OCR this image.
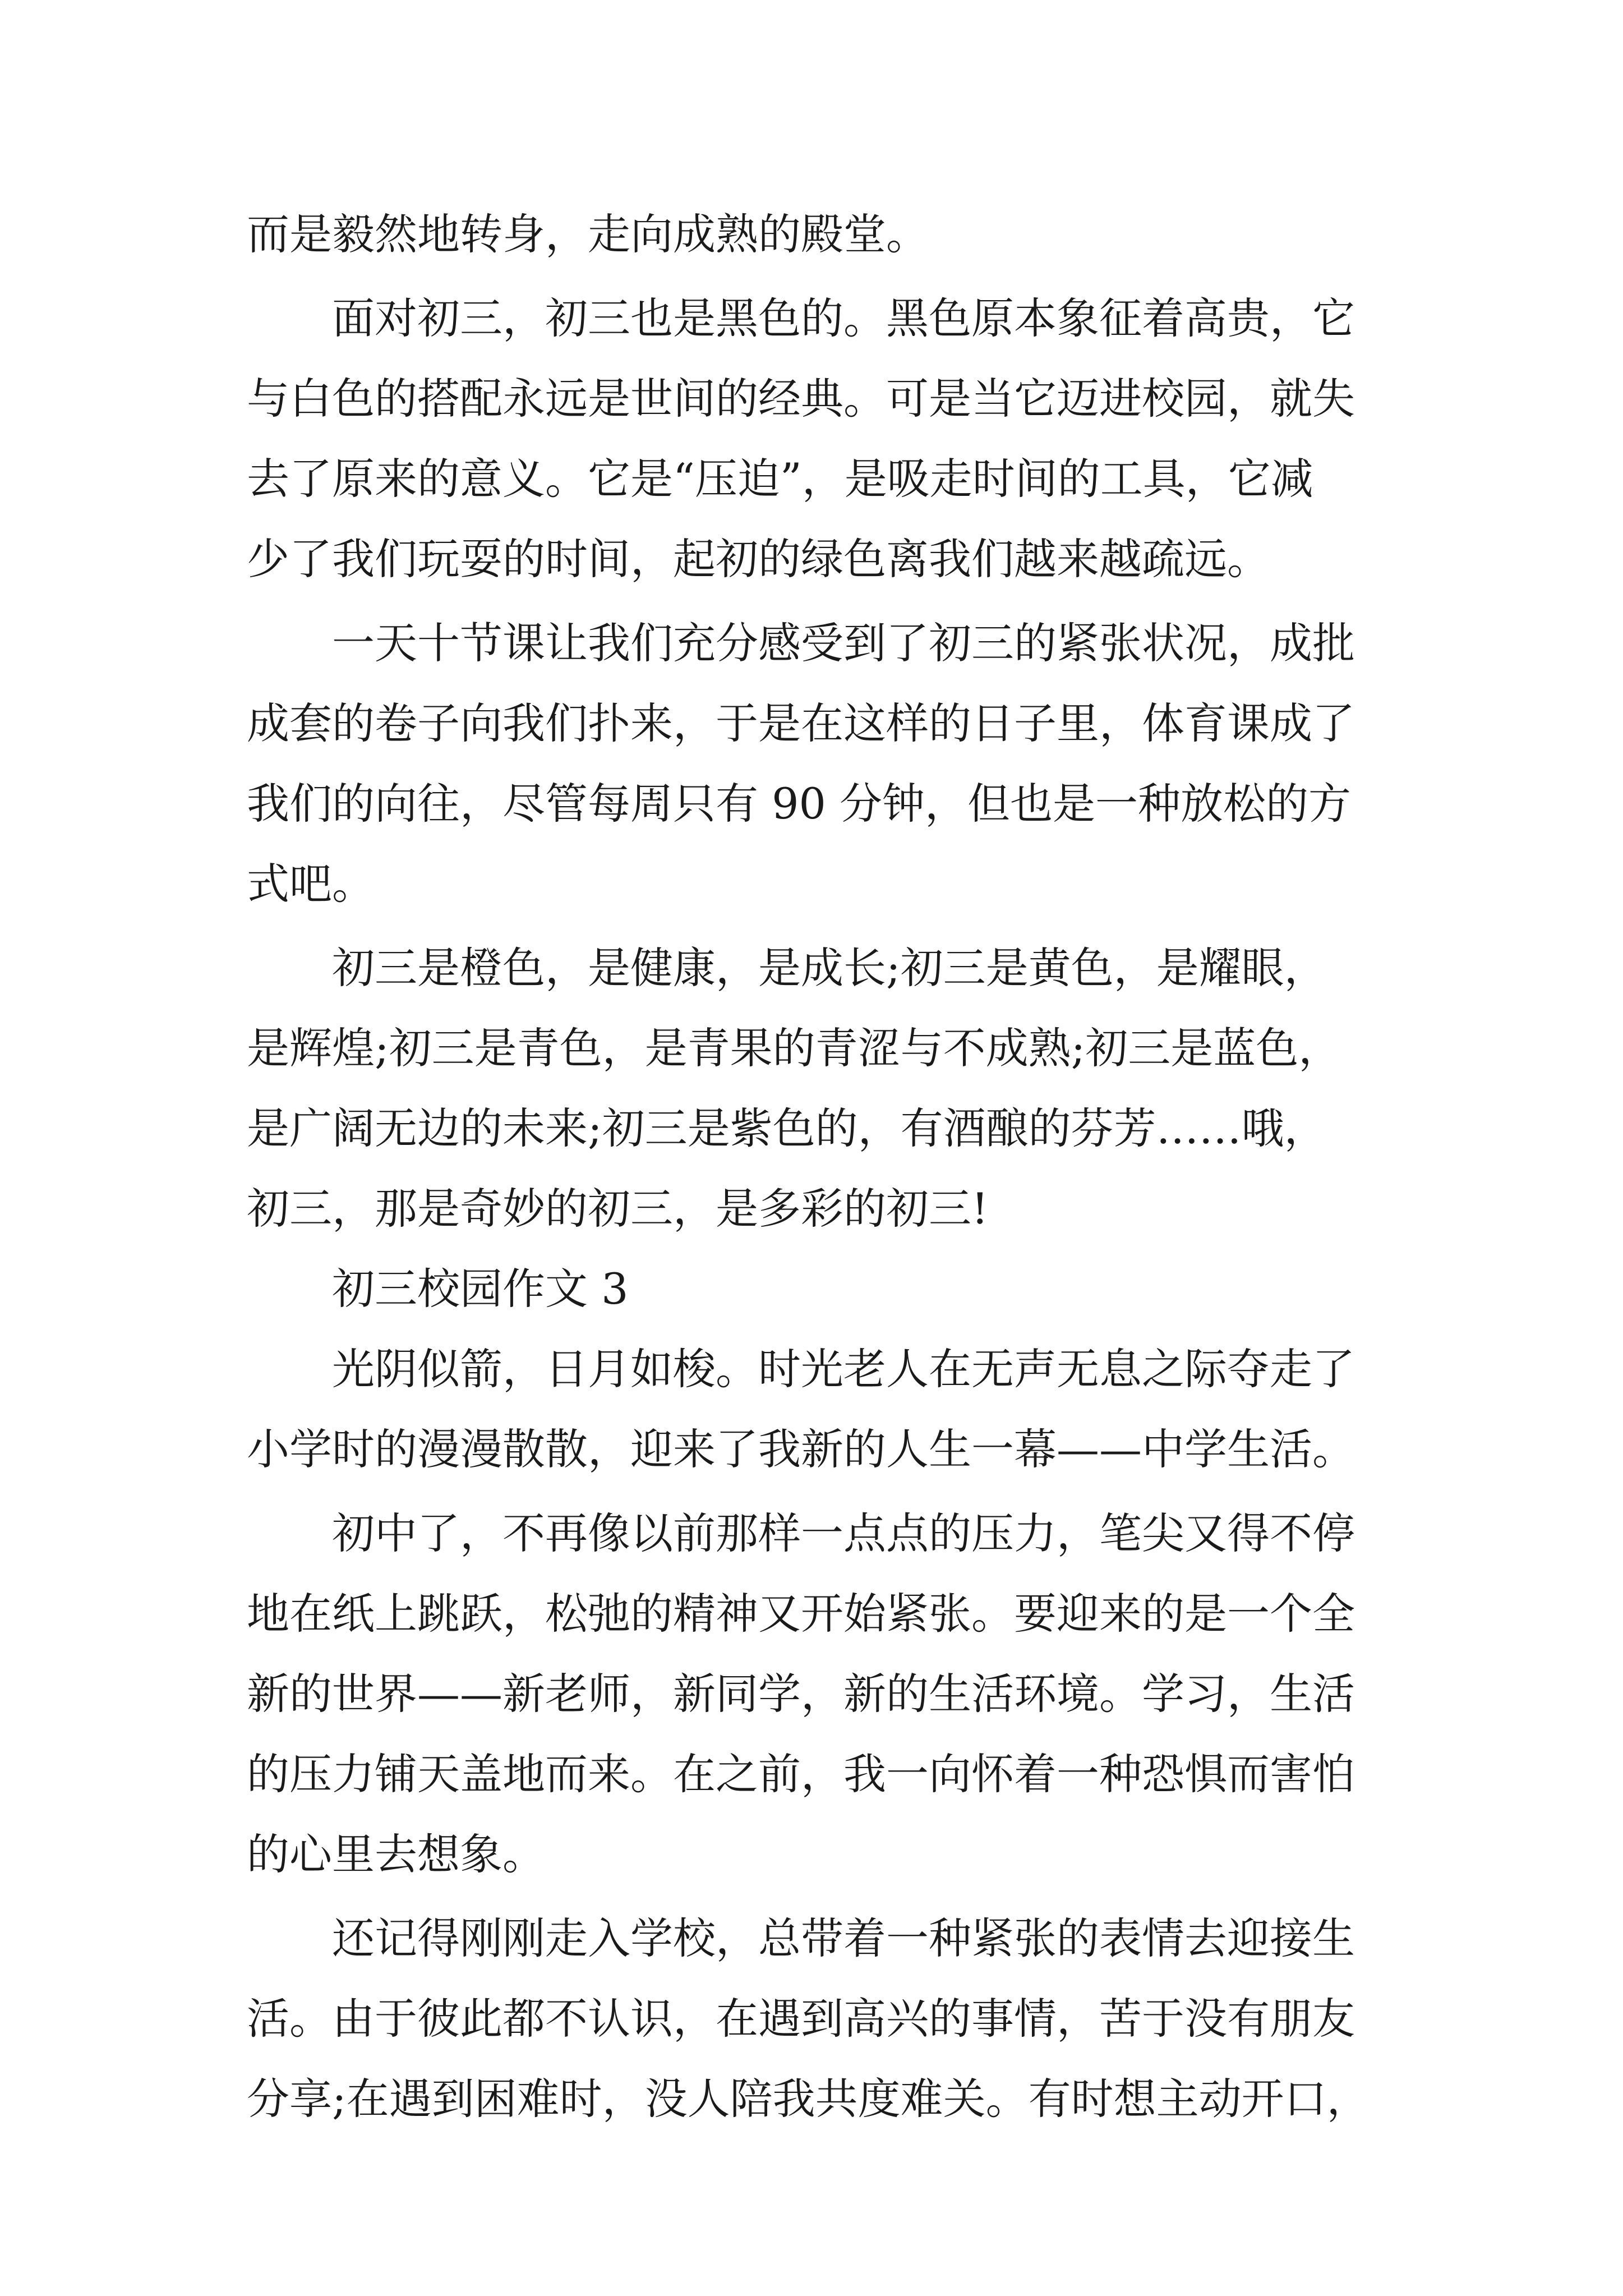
而是毅然地转身，走向成熟的殿堂。
面对初三，初三也是黑色的。黑色原本象征着高贵，它
与白色的搭配永远是世间的经典。可是当它迈进校园，就失
去了原来的意义。它是“压迫”，是吸走时间的工具，它减
少了我们玩耍的时间，起初的绿色离我们越来越疏远。
一天十节课让我们充分感受到了初三的紧张状况，成批
成套的卷子向我们扑来，于是在这样的日子里，体育课成了
我们的向往，尽管每周只有 90 分钟，但也是一种放松的方
式吧。
初三是橙色，是健康，是成长;初三是黄色，是耀眼，
是辉煌;初三是青色，是青果的青涩与不成熟;初三是蓝色，
是广阔无边的未来;初三是紫色的，有酒酿的芬芳……哦，
初三，那是奇妙的初三，是多彩的初三!
初三校园作文 3
光阴似箭，日月如梭。时光老人在无声无息之际夺走了
小学时的漫漫散散，迎来了我新的人生一幕——中学生活。
初中了，不再像以前那样一点点的压力，笔尖又得不停
地在纸上跳跃，松弛的精神又开始紧张。要迎来的是一个全
新的世界——新老师，新同学，新的生活环境。学习，生活
的压力铺天盖地而来。在之前，我一向怀着一种恐惧而害怕
的心里去想象。
还记得刚刚走入学校，总带着一种紧张的表情去迎接生
活。由于彼此都不认识，在遇到高兴的事情，苦于没有朋友
分享;在遇到困难时，没人陪我共度难关。有时想主动开口，
